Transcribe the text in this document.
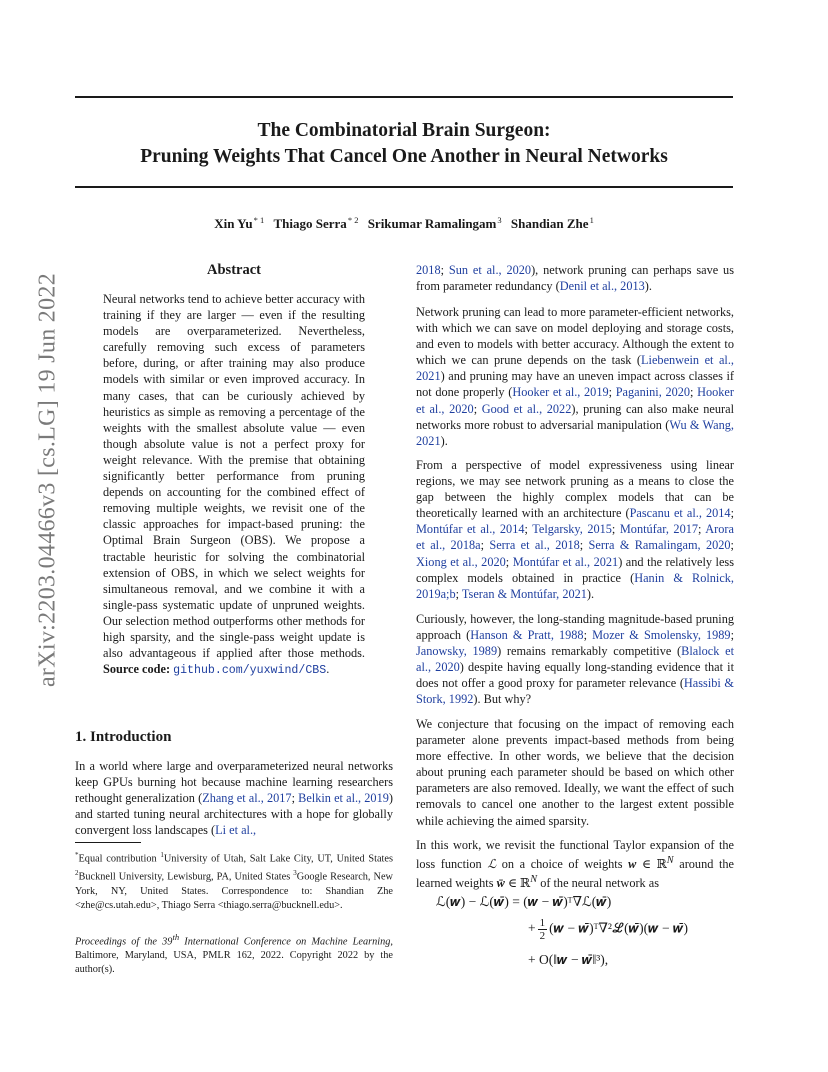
The Combinatorial Brain Surgeon:
Pruning Weights That Cancel One Another in Neural Networks
Xin Yu$^{* 1}$ Thiago Serra$^{* 2}$ Srikumar Ramalingam$^3$ Shandian Zhe$^1$
arXiv:2203.04466v3 [cs.LG] 19 Jun 2022
Abstract
Neural networks tend to achieve better accuracy with training if they are larger — even if the resulting models are overparameterized. Nevertheless, carefully removing such excess of parameters before, during, or after training may also produce models with similar or even improved accuracy. In many cases, that can be curiously achieved by heuristics as simple as removing a percentage of the weights with the smallest absolute value — even though absolute value is not a perfect proxy for weight relevance. With the premise that obtaining significantly better performance from pruning depends on accounting for the combined effect of removing multiple weights, we revisit one of the classic approaches for impact-based pruning: the Optimal Brain Surgeon (OBS). We propose a tractable heuristic for solving the combinatorial extension of OBS, in which we select weights for simultaneous removal, and we combine it with a single-pass systematic update of unpruned weights. Our selection method outperforms other methods for high sparsity, and the single-pass weight update is also advantageous if applied after those methods. Source code: github.com/yuxwind/CBS.
1. Introduction
In a world where large and overparameterized neural networks keep GPUs burning hot because machine learning researchers rethought generalization (Zhang et al., 2017; Belkin et al., 2019) and started tuning neural architectures with a hope for globally convergent loss landscapes (Li et al.,
*Equal contribution $^1$University of Utah, Salt Lake City, UT, United States $^2$Bucknell University, Lewisburg, PA, United States $^3$Google Research, New York, NY, United States. Correspondence to: Shandian Zhe <zhe@cs.utah.edu>, Thiago Serra <thiago.serra@bucknell.edu>.
Proceedings of the 39th International Conference on Machine Learning, Baltimore, Maryland, USA, PMLR 162, 2022. Copyright 2022 by the author(s).
2018; Sun et al., 2020), network pruning can perhaps save us from parameter redundancy (Denil et al., 2013).
Network pruning can lead to more parameter-efficient networks, with which we can save on model deploying and storage costs, and even to models with better accuracy. Although the extent to which we can prune depends on the task (Liebenwein et al., 2021) and pruning may have an uneven impact across classes if not done properly (Hooker et al., 2019; Paganini, 2020; Hooker et al., 2020; Good et al., 2022), pruning can also make neural networks more robust to adversarial manipulation (Wu & Wang, 2021).
From a perspective of model expressiveness using linear regions, we may see network pruning as a means to close the gap between the highly complex models that can be theoretically learned with an architecture (Pascanu et al., 2014; Montúfar et al., 2014; Telgarsky, 2015; Montúfar, 2017; Arora et al., 2018a; Serra et al., 2018; Serra & Ramalingam, 2020; Xiong et al., 2020; Montúfar et al., 2021) and the relatively less complex models obtained in practice (Hanin & Rolnick, 2019a;b; Tseran & Montúfar, 2021).
Curiously, however, the long-standing magnitude-based pruning approach (Hanson & Pratt, 1988; Mozer & Smolensky, 1989; Janowsky, 1989) remains remarkably competitive (Blalock et al., 2020) despite having equally long-standing evidence that it does not offer a good proxy for parameter relevance (Hassibi & Stork, 1992). But why?
We conjecture that focusing on the impact of removing each parameter alone prevents impact-based methods from being more effective. In other words, we believe that the decision about pruning each parameter should be based on which other parameters are also removed. Ideally, we want the effect of such removals to cancel one another to the largest extent possible while achieving the aimed sparsity.
In this work, we revisit the functional Taylor expansion of the loss function ℒ on a choice of weights w ∈ ℝ$^N$ around the learned weights w̄ ∈ ℝ$^N$ of the neural network as
ℒ(𝒘) − ℒ(𝒘̄) = (𝒘 − 𝒘̄)ᵀ∇ℒ(𝒘̄)
+ $\frac{1}{2}$ (𝒘 − 𝒘̄)ᵀ∇²ℒ(𝒘̄)(𝒘 − 𝒘̄)
+ O(‖𝒘 − 𝒘̄‖³),
